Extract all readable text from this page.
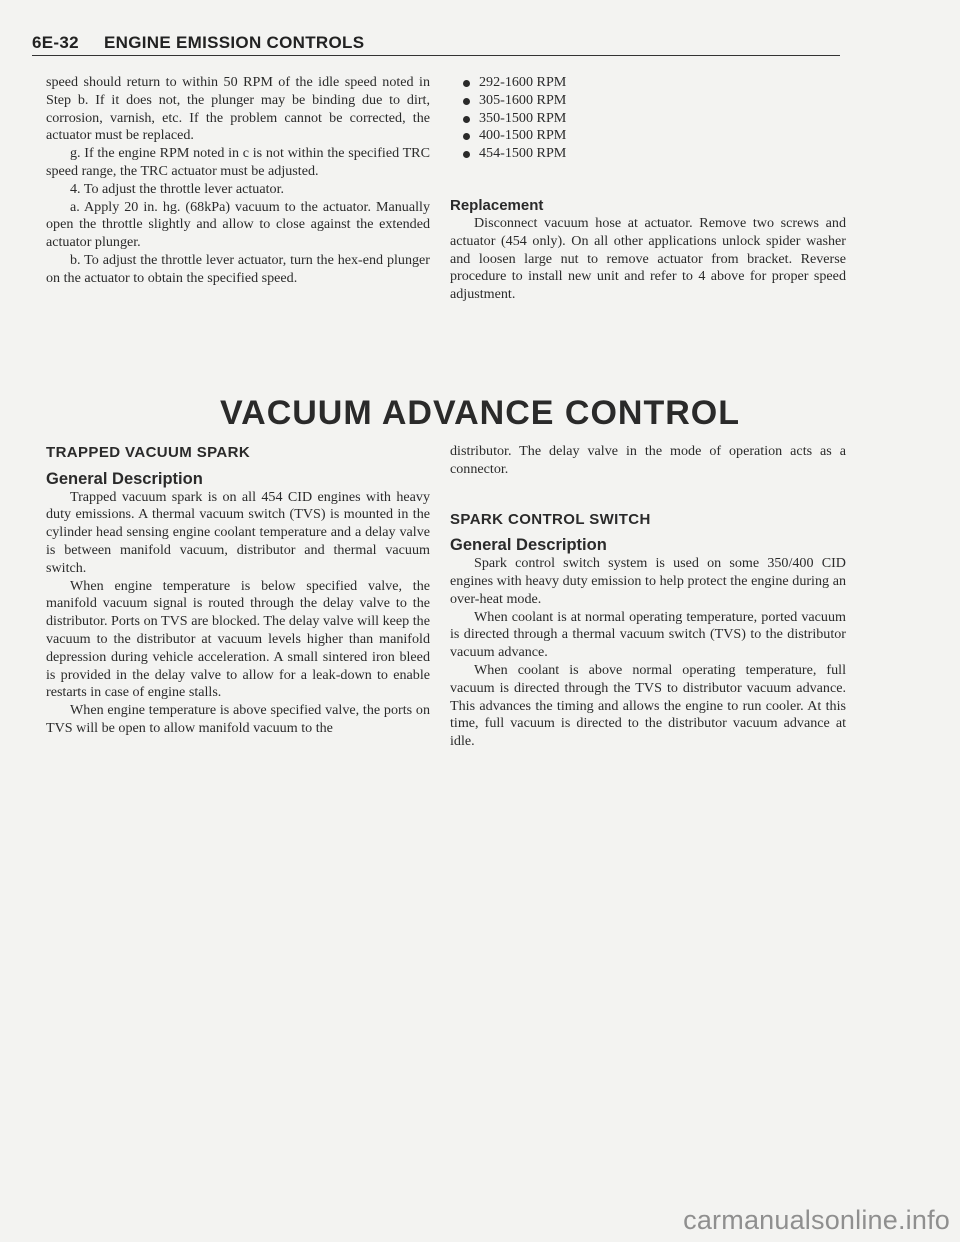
6E-32 ENGINE EMISSION CONTROLS

speed should return to within 50 RPM of the idle speed noted in Step b. If it does not, the plunger may be binding due to dirt, corrosion, varnish, etc. If the problem cannot be corrected, the actuator must be replaced.

g. If the engine RPM noted in c is not within the specified TRC speed range, the TRC actuator must be adjusted.

4. To adjust the throttle lever actuator.

a. Apply 20 in. hg. (68kPa) vacuum to the actuator. Manually open the throttle slightly and allow to close against the extended actuator plunger.

b. To adjust the throttle lever actuator, turn the hex-end plunger on the actuator to obtain the specified speed.

292-1600 RPM
305-1600 RPM
350-1500 RPM
400-1500 RPM
454-1500 RPM

Replacement

Disconnect vacuum hose at actuator. Remove two screws and actuator (454 only). On all other applications unlock spider washer and loosen large nut to remove actuator from bracket. Reverse procedure to install new unit and refer to 4 above for proper speed adjustment.

VACUUM ADVANCE CONTROL

TRAPPED VACUUM SPARK

General Description

Trapped vacuum spark is on all 454 CID engines with heavy duty emissions. A thermal vacuum switch (TVS) is mounted in the cylinder head sensing engine coolant temperature and a delay valve is between manifold vacuum, distributor and thermal vacuum switch.

When engine temperature is below specified valve, the manifold vacuum signal is routed through the delay valve to the distributor. Ports on TVS are blocked. The delay valve will keep the vacuum to the distributor at vacuum levels higher than manifold depression during vehicle acceleration. A small sintered iron bleed is provided in the delay valve to allow for a leak-down to enable restarts in case of engine stalls.

When engine temperature is above specified valve, the ports on TVS will be open to allow manifold vacuum to the

distributor. The delay valve in the mode of operation acts as a connector.

SPARK CONTROL SWITCH

General Description

Spark control switch system is used on some 350/400 CID engines with heavy duty emission to help protect the engine during an over-heat mode.

When coolant is at normal operating temperature, ported vacuum is directed through a thermal vacuum switch (TVS) to the distributor vacuum advance.

When coolant is above normal operating temperature, full vacuum is directed through the TVS to distributor vacuum advance. This advances the timing and allows the engine to run cooler. At this time, full vacuum is directed to the distributor vacuum advance at idle.

carmanualsonline.info
